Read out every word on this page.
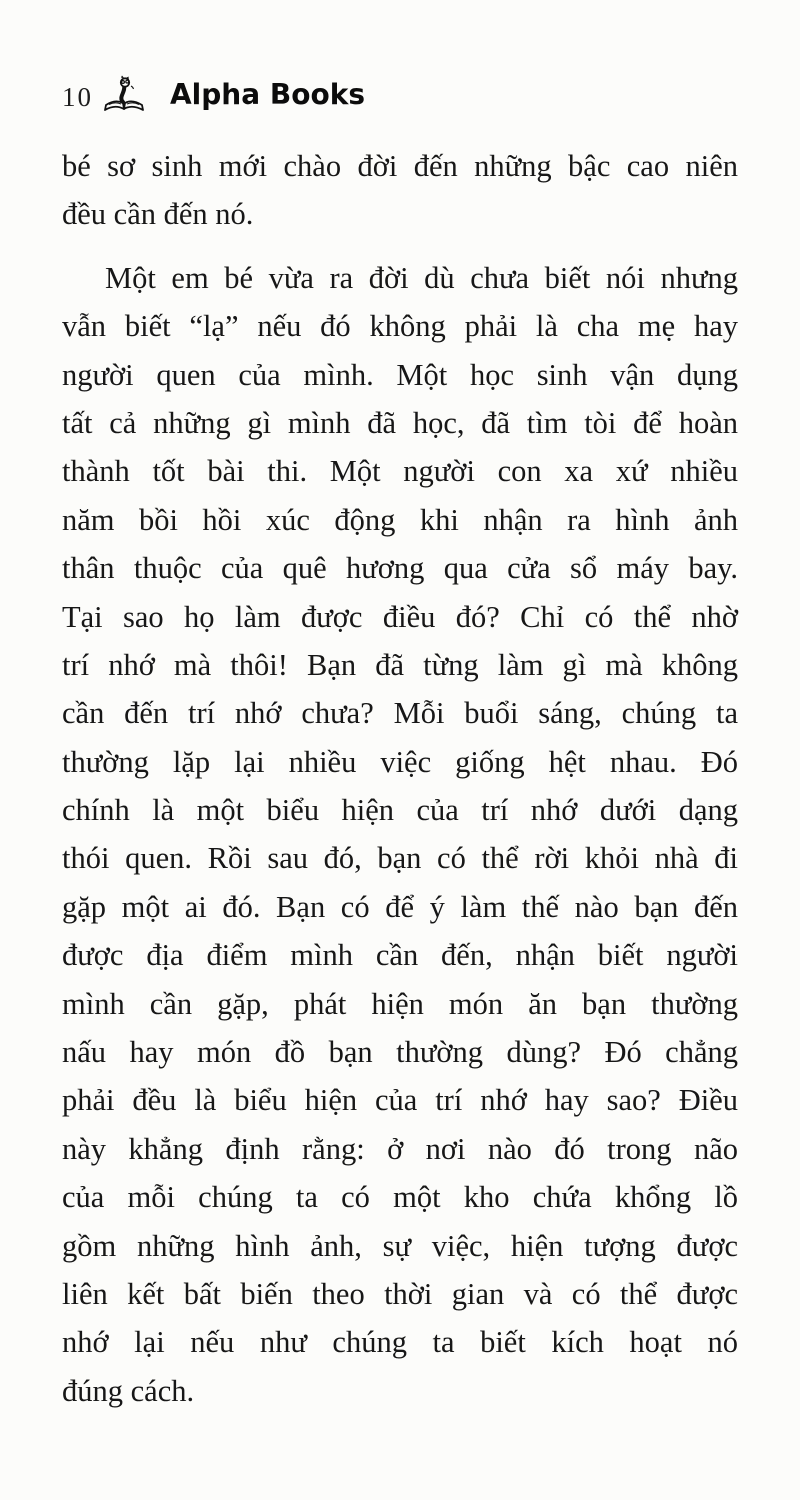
10	Alpha Books
bé sơ sinh mới chào đời đến những bậc cao niên
đều cần đến nó.
Một em bé vừa ra đời dù chưa biết nói nhưng
vẫn biết “lạ” nếu đó không phải là cha mẹ hay
người quen của mình. Một học sinh vận dụng
tất cả những gì mình đã học, đã tìm tòi để hoàn
thành tốt bài thi. Một người con xa xứ nhiều
năm bồi hồi xúc động khi nhận ra hình ảnh
thân thuộc của quê hương qua cửa sổ máy bay.
Tại sao họ làm được điều đó? Chỉ có thể nhờ
trí nhớ mà thôi! Bạn đã từng làm gì mà không
cần đến trí nhớ chưa? Mỗi buổi sáng, chúng ta
thường lặp lại nhiều việc giống hệt nhau. Đó
chính là một biểu hiện của trí nhớ dưới dạng
thói quen. Rồi sau đó, bạn có thể rời khỏi nhà đi
gặp một ai đó. Bạn có để ý làm thế nào bạn đến
được địa điểm mình cần đến, nhận biết người
mình cần gặp, phát hiện món ăn bạn thường
nấu hay món đồ bạn thường dùng? Đó chẳng
phải đều là biểu hiện của trí nhớ hay sao? Điều
này khẳng định rằng: ở nơi nào đó trong não
của mỗi chúng ta có một kho chứa khổng lồ
gồm những hình ảnh, sự việc, hiện tượng được
liên kết bất biến theo thời gian và có thể được
nhớ lại nếu như chúng ta biết kích hoạt nó
đúng cách.
